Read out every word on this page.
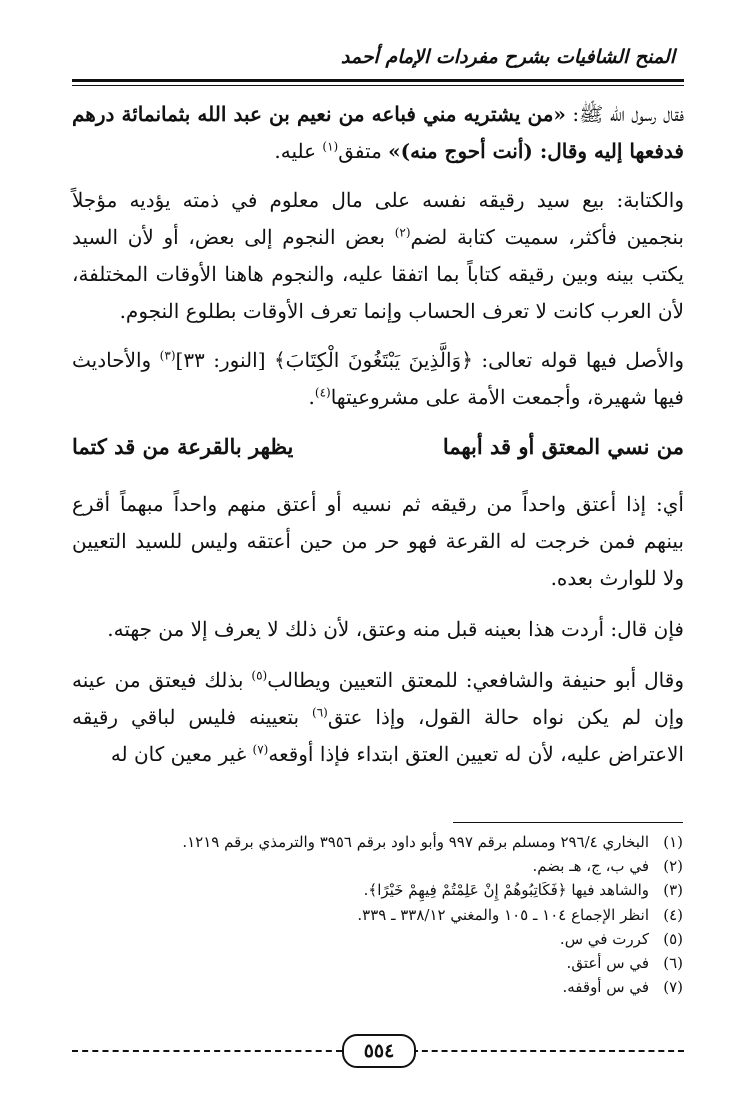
المنح الشافيات بشرح مفردات الإمام أحمد

فقال رسول الله ﷺ: «من يشتريه مني فباعه من نعيم بن عبد الله بثمانمائة درهم فدفعها إليه وقال: (أنت أحوج منه)» متفق$^{(١)}$ عليه.

والكتابة: بيع سيد رقيقه نفسه على مال معلوم في ذمته يؤديه مؤجلاً بنجمين فأكثر، سميت كتابة لضم$^{(٢)}$ بعض النجوم إلى بعض، أو لأن السيد يكتب بينه وبين رقيقه كتاباً بما اتفقا عليه، والنجوم هاهنا الأوقات المختلفة، لأن العرب كانت لا تعرف الحساب وإنما تعرف الأوقات بطلوع النجوم.

والأصل فيها قوله تعالى: ﴿وَالَّذِينَ يَبْتَغُونَ الْكِتَابَ﴾ [النور: ٣٣]$^{(٣)}$ والأحاديث فيها شهيرة، وأجمعت الأمة على مشروعيتها$^{(٤)}$.

من نسي المعتق أو قد أبهما
يظهر بالقرعة من قد كتما

أي: إذا أعتق واحداً من رقيقه ثم نسيه أو أعتق منهم واحداً مبهماً أقرع بينهم فمن خرجت له القرعة فهو حر من حين أعتقه وليس للسيد التعيين ولا للوارث بعده.

فإن قال: أردت هذا بعينه قبل منه وعتق، لأن ذلك لا يعرف إلا من جهته.

وقال أبو حنيفة والشافعي: للمعتق التعيين ويطالب$^{(٥)}$ بذلك فيعتق من عينه وإن لم يكن نواه حالة القول، وإذا عتق$^{(٦)}$ بتعيينه فليس لباقي رقيقه الاعتراض عليه، لأن له تعيين العتق ابتداء فإذا أوقعه$^{(٧)}$ غير معين كان له

(١)البخاري ٢٩٦/٤ ومسلم برقم ٩٩٧ وأبو داود برقم ٣٩٥٦ والترمذي برقم ١٢١٩.
(٢)في ب، ج، هـ بضم.
(٣)والشاهد فيها ﴿فَكَاتِبُوهُمْ إِنْ عَلِمْتُمْ فِيهِمْ خَيْرًا﴾.
(٤)انظر الإجماع ١٠٤ ـ ١٠٥ والمغني ٣٣٨/١٢ ـ ٣٣٩.
(٥)كررت في س.
(٦)في س أعتق.
(٧)في س أوقفه.
٥٥٤
